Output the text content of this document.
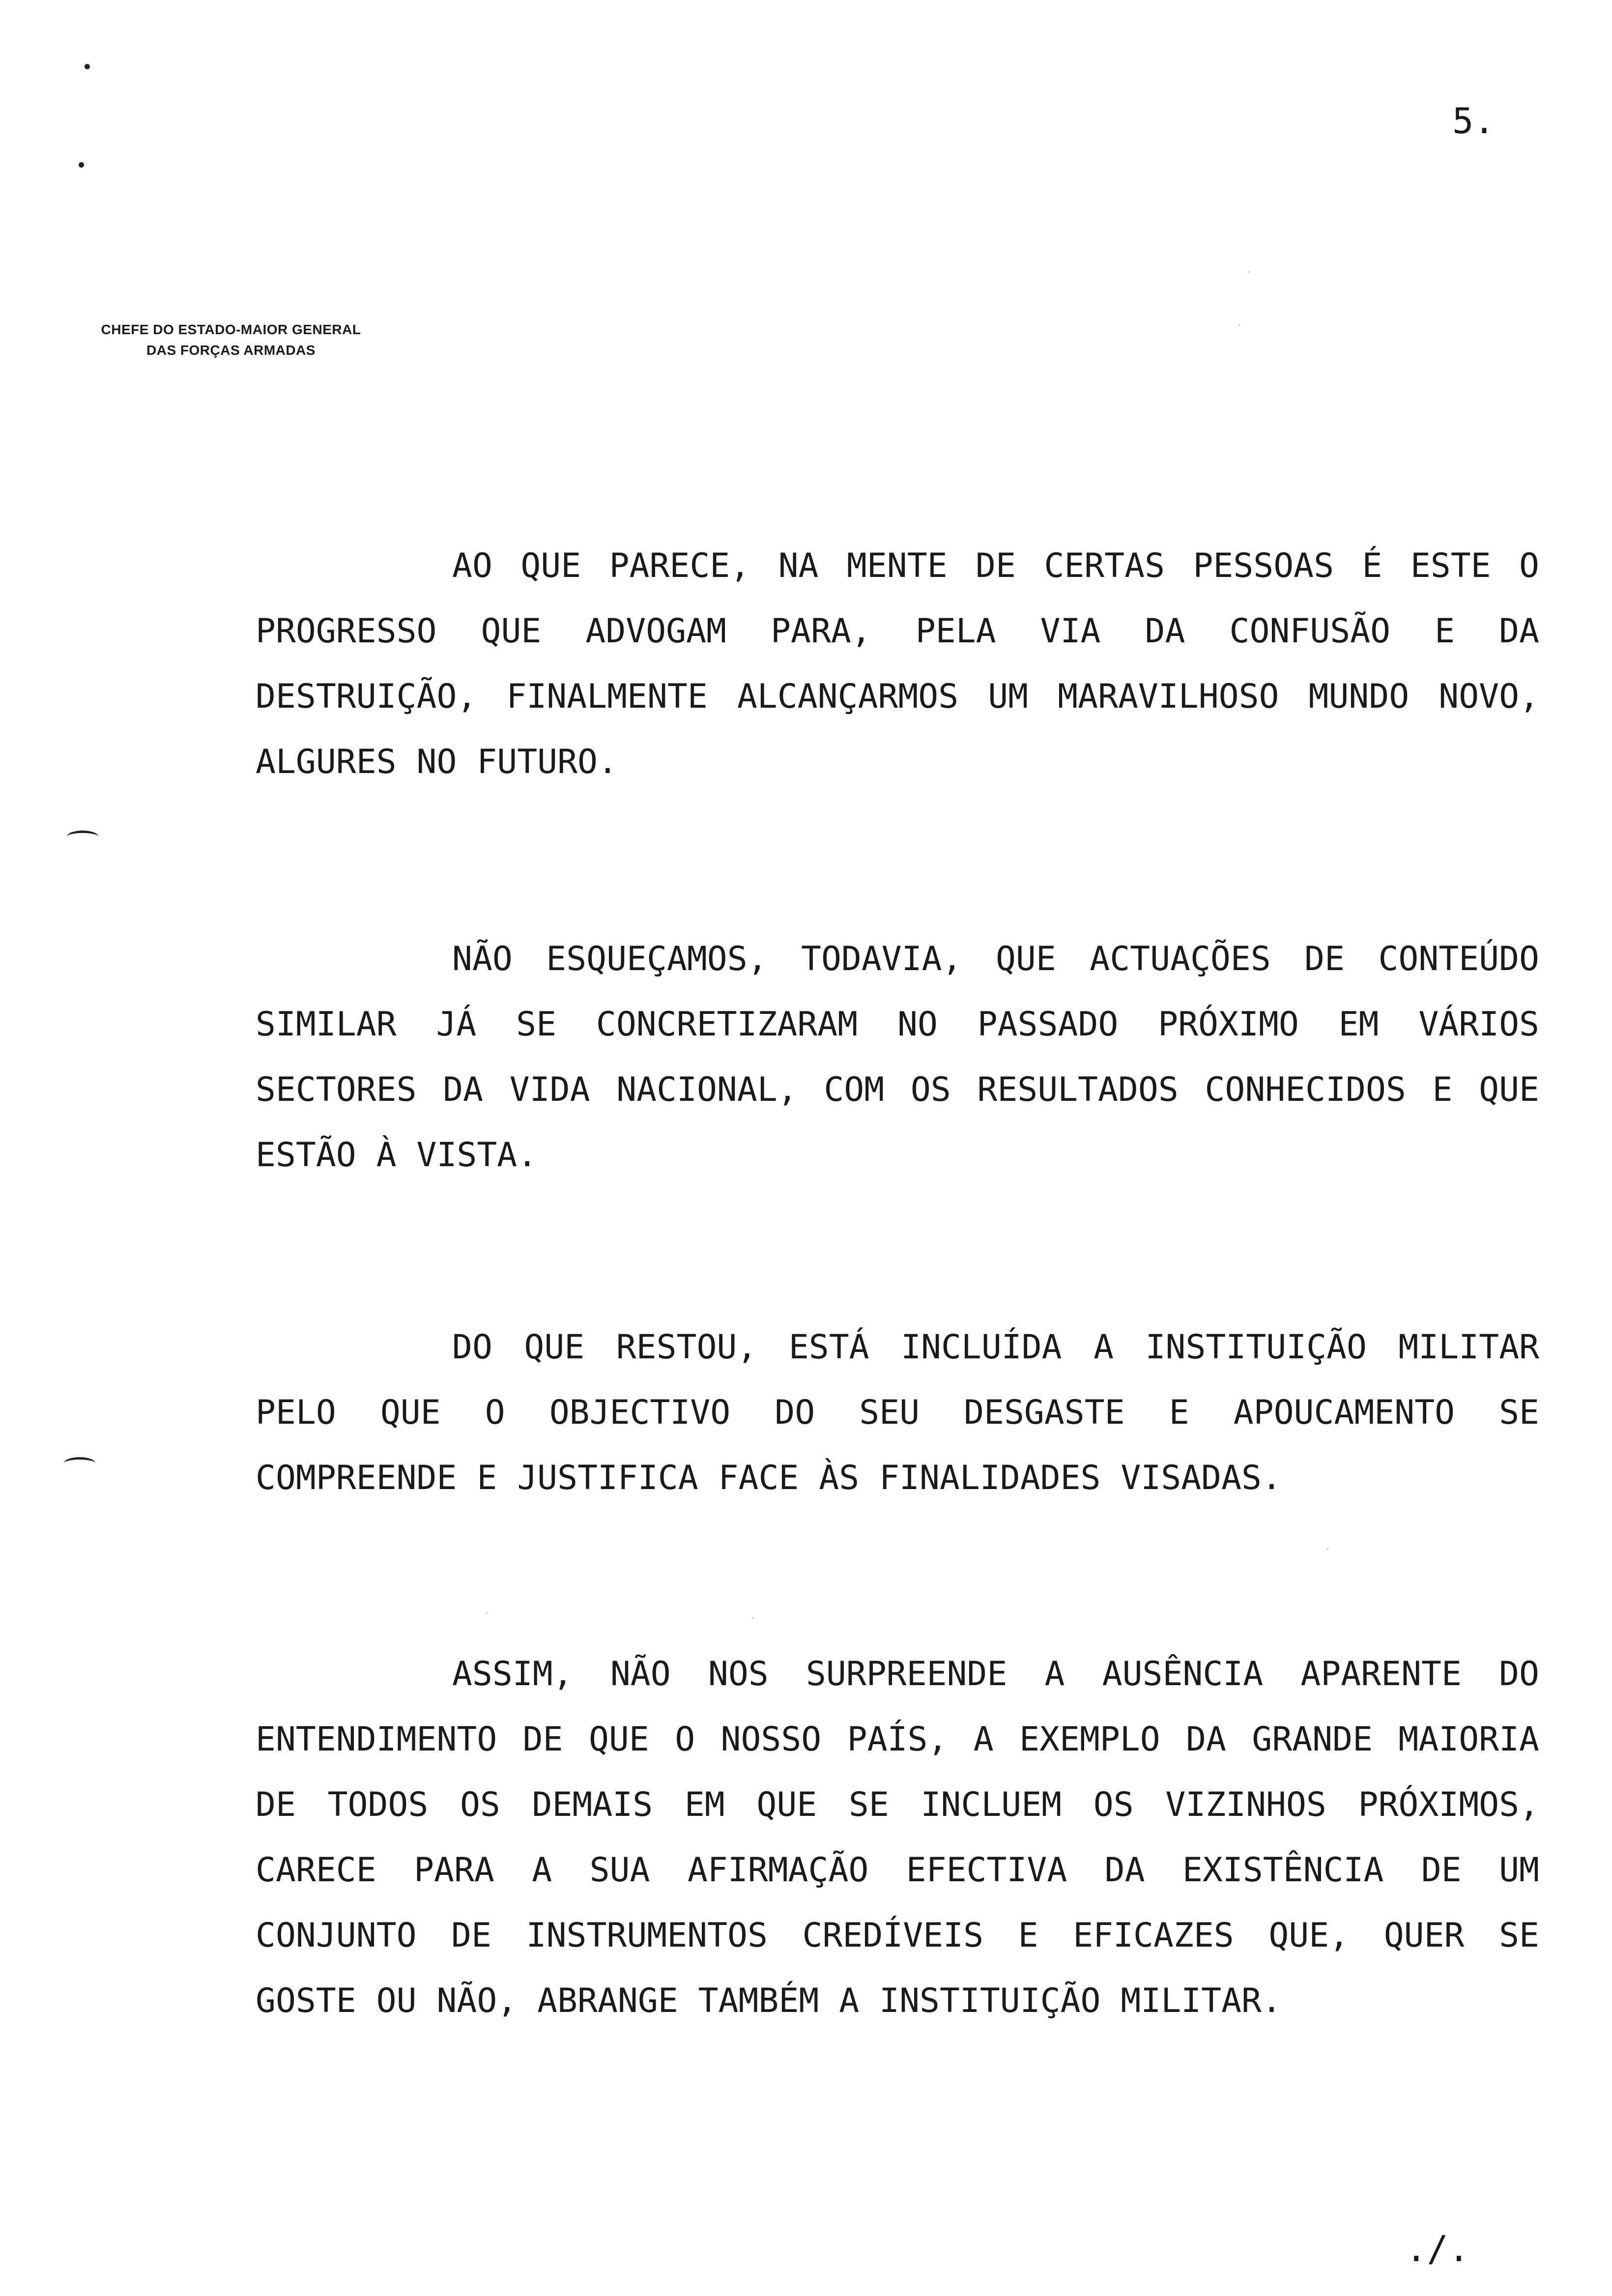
5.
CHEFE DO ESTADO-MAIOR GENERAL
DAS FORÇAS ARMADAS

AO QUE PARECE, NA MENTE DE CERTAS PESSOAS É ESTE O PROGRESSO QUE ADVOGAM PARA, PELA VIA DA CONFUSÃO E DA DESTRUIÇÃO, FINALMENTE ALCANÇARMOS UM MARAVILHOSO MUNDO NOVO, ALGURES NO FUTURO.

NÃO ESQUEÇAMOS, TODAVIA, QUE ACTUAÇÕES DE CONTEÚDO SIMILAR JÁ SE CONCRETIZARAM NO PASSADO PRÓXIMO EM VÁRIOS SECTORES DA VIDA NACIONAL, COM OS RESULTADOS CONHECIDOS E QUE ESTÃO À VISTA.

DO QUE RESTOU, ESTÁ INCLUÍDA A INSTITUIÇÃO MILITAR PELO QUE O OBJECTIVO DO SEU DESGASTE E APOUCAMENTO SE COMPREENDE E JUSTIFICA FACE ÀS FINALIDADES VISADAS.

ASSIM, NÃO NOS SURPREENDE A AUSÊNCIA APARENTE DO ENTENDIMENTO DE QUE O NOSSO PAÍS, A EXEMPLO DA GRANDE MAIORIA DE TODOS OS DEMAIS EM QUE SE INCLUEM OS VIZINHOS PRÓXIMOS, CARECE PARA A SUA AFIRMAÇÃO EFECTIVA DA EXISTÊNCIA DE UM CONJUNTO DE INSTRUMENTOS CREDÍVEIS E EFICAZES QUE, QUER SE GOSTE OU NÃO, ABRANGE TAMBÉM A INSTITUIÇÃO MILITAR.

./.
